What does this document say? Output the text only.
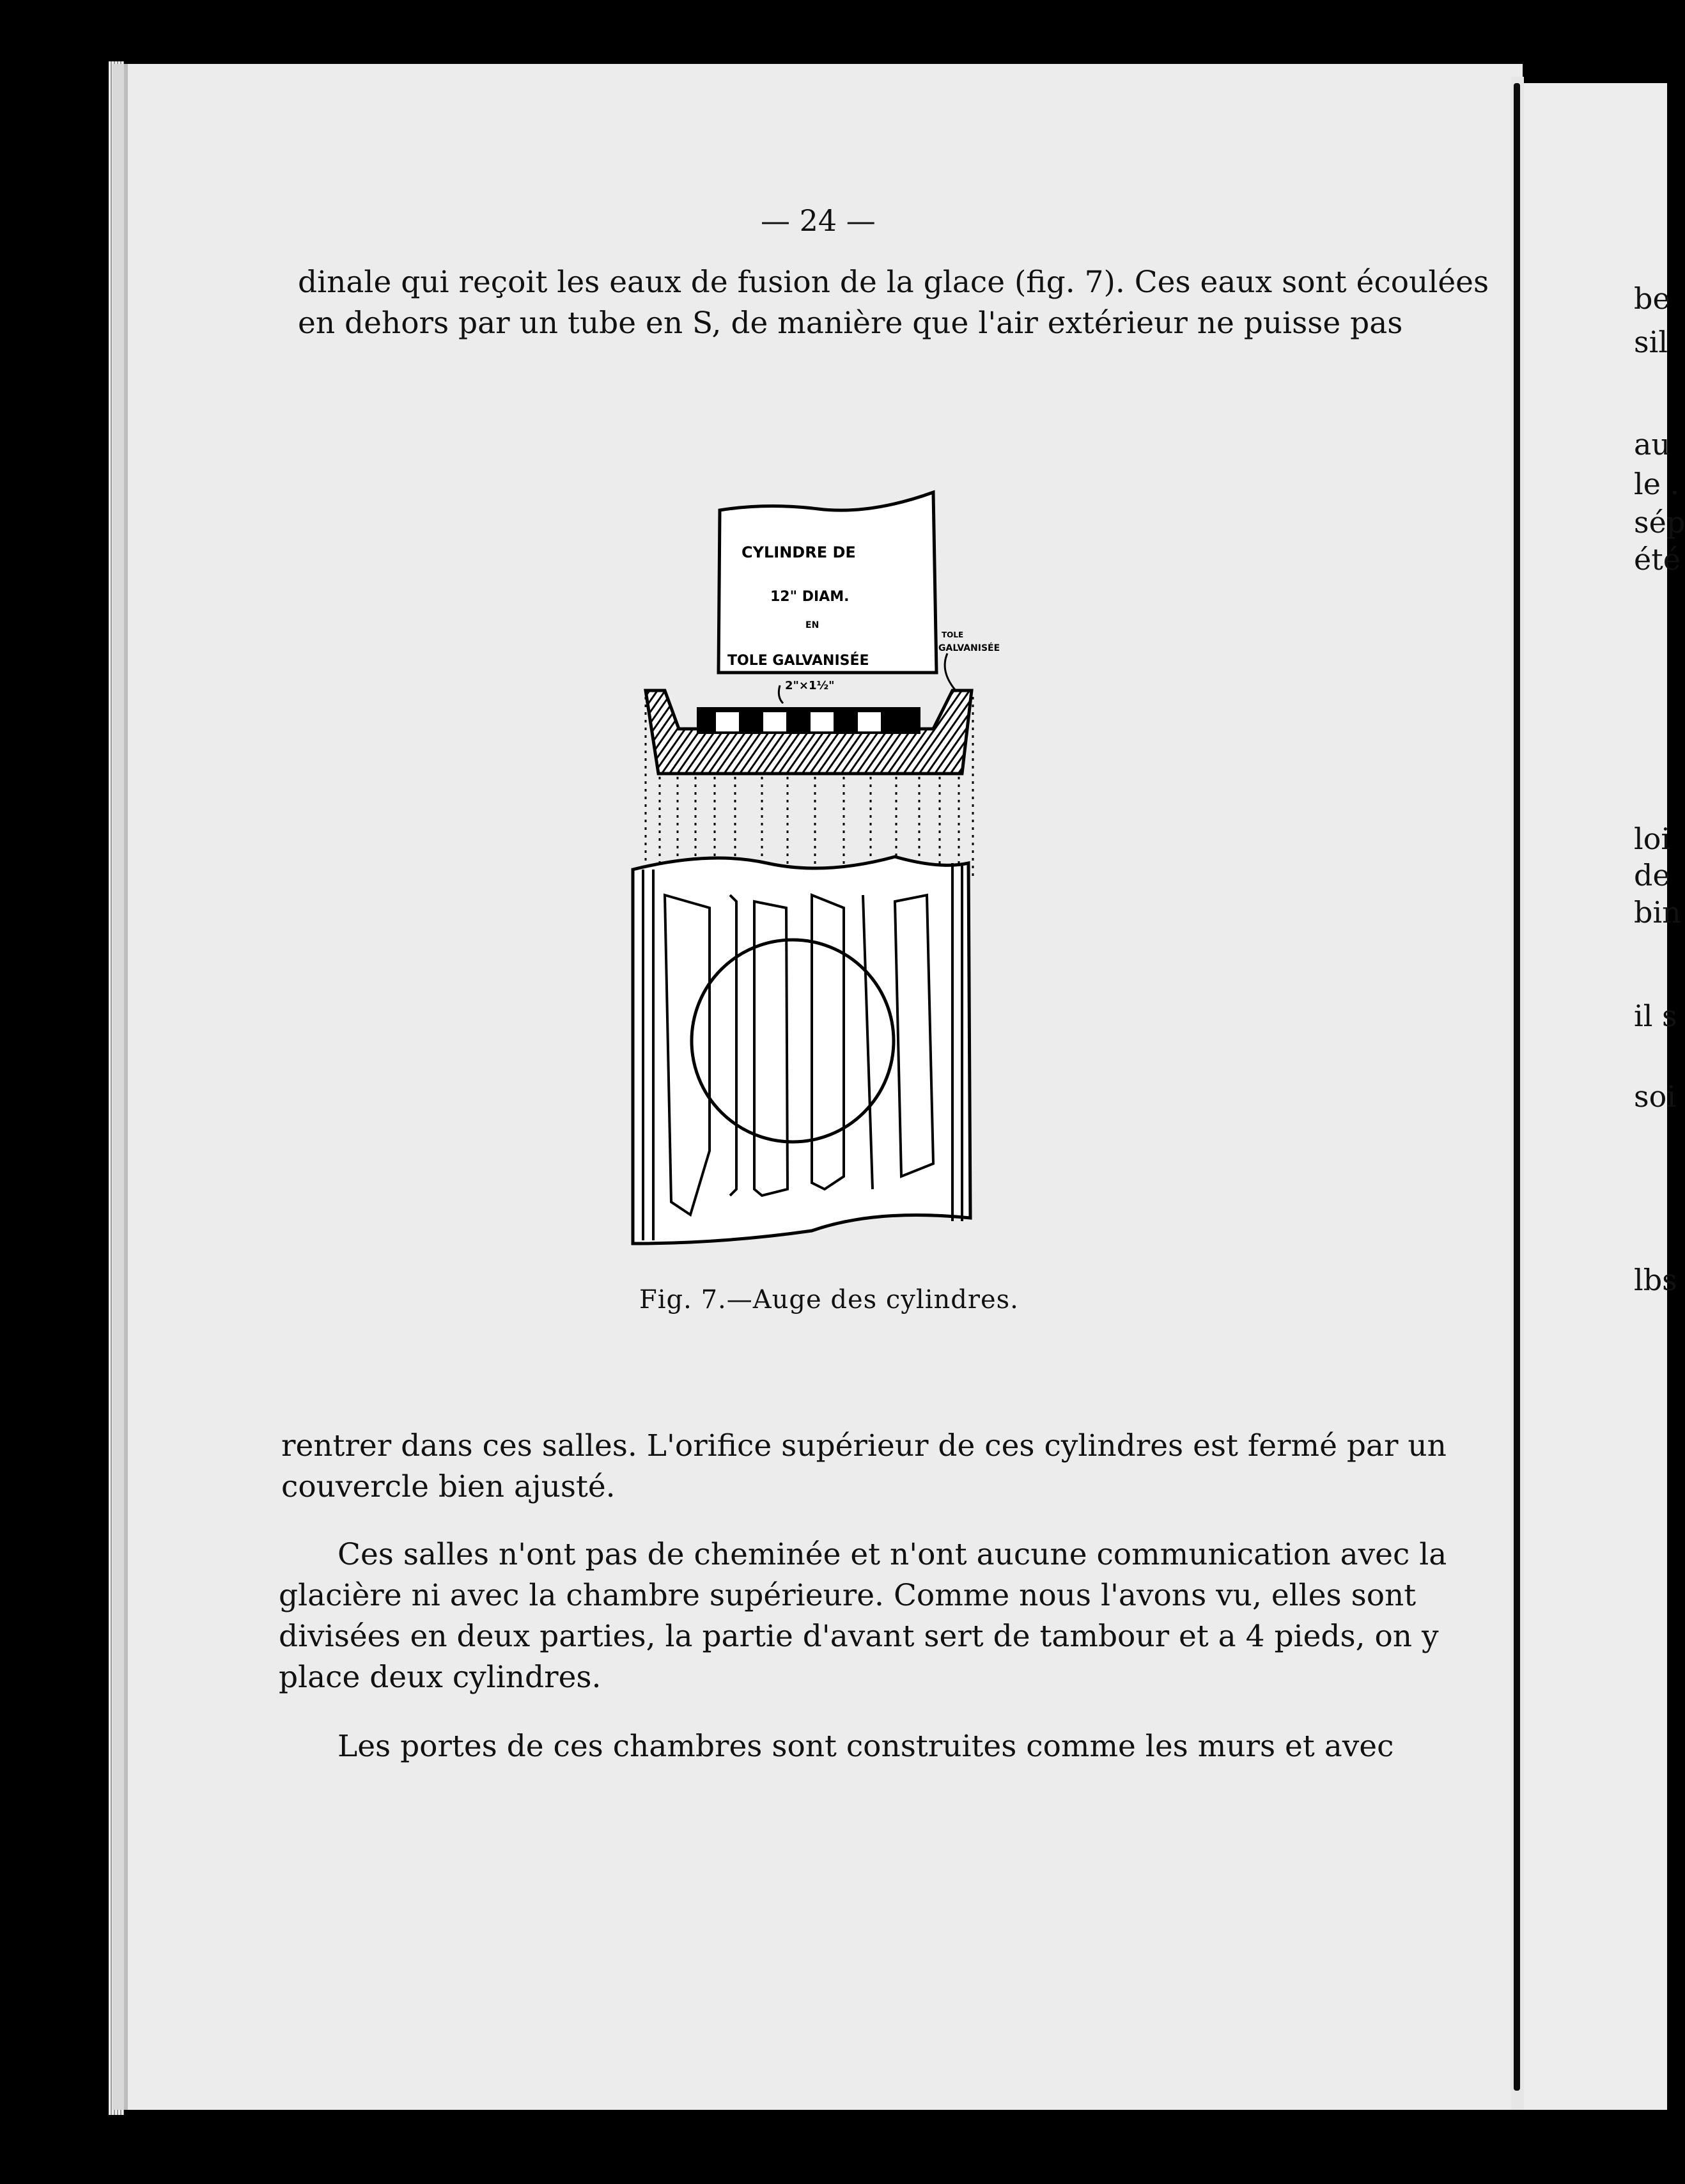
— 24 —
dinale qui reçoit les eaux de fusion de la glace (fig. 7). Ces eaux sont écoulées
en dehors par un tube en S, de manière que l'air extérieur ne puisse pas
CYLINDRE DE
12" DIAM.
EN
TOLE GALVANISÉE
2"×1½"
TOLE
GALVANISÉE
Fig. 7.—Auge des cylindres.
rentrer dans ces salles. L'orifice supérieur de ces cylindres est fermé par un
couvercle bien ajusté.
Ces salles n'ont pas de cheminée et n'ont aucune communication avec la
glacière ni avec la chambre supérieure. Comme nous l'avons vu, elles sont
divisées en deux parties, la partie d'avant sert de tambour et a 4 pieds, on y
place deux cylindres.
Les portes de ces chambres sont construites comme les murs et avec
be
sil
au
le .
sép
été
loi
de
bin
il s
soi
lbs
